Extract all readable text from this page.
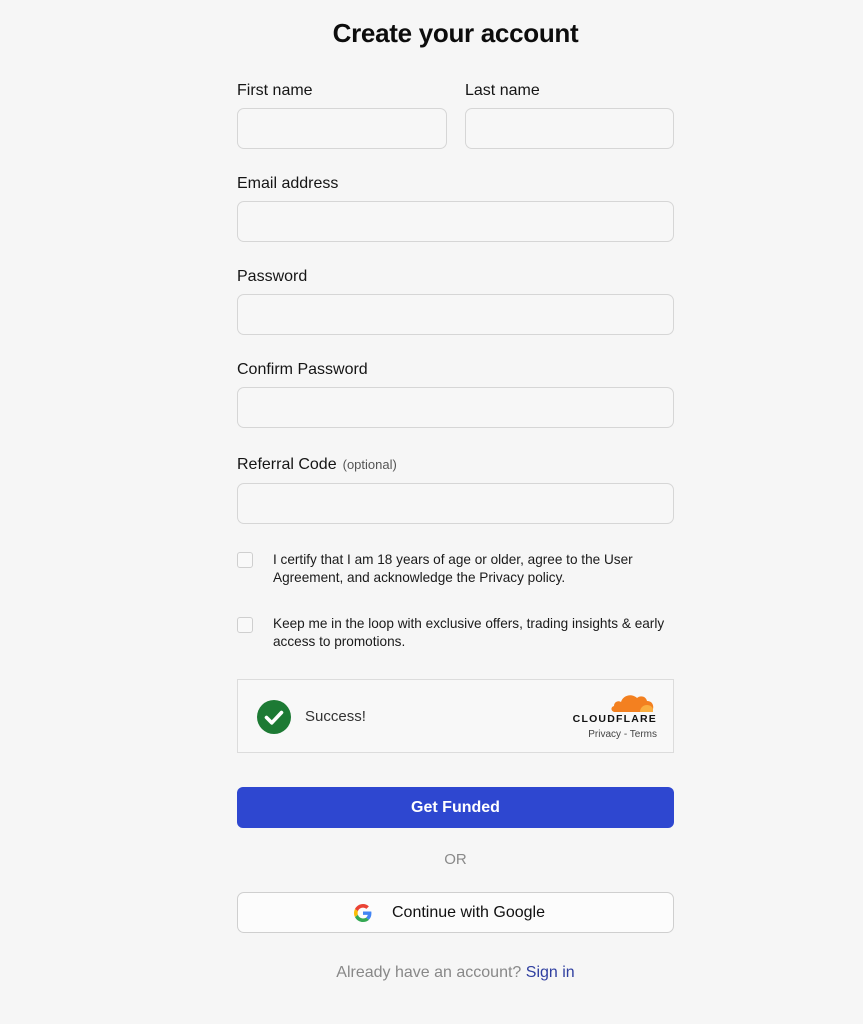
Create your account
First name	Last name
Email address
Password
Confirm Password
Referral Code (optional)
I certify that I am 18 years of age or older, agree to the User Agreement, and acknowledge the Privacy policy.
Keep me in the loop with exclusive offers, trading insights & early access to promotions.
Success!	CLOUDFLARE
Privacy - Terms
Get Funded
OR
Continue with Google
Already have an account? Sign in
